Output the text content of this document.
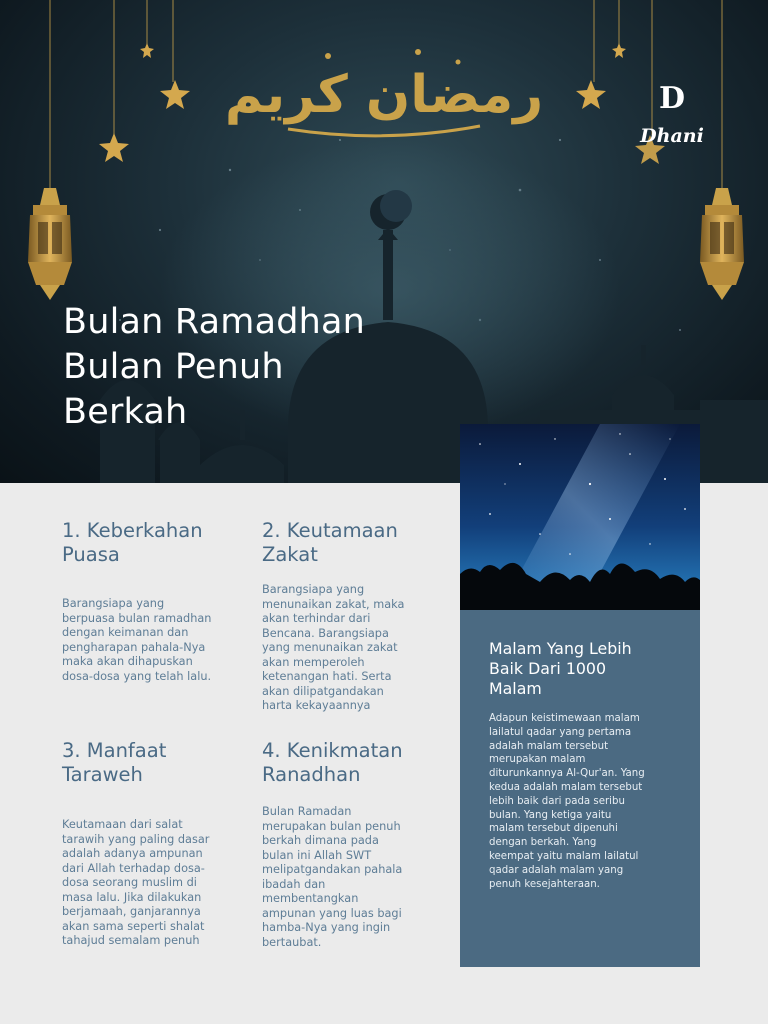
رمضان كريم	D
Dhani
Bulan Ramadhan
Bulan Penuh
Berkah
1. Keberkahan
Puasa

Barangsiapa yang
berpuasa bulan ramadhan
dengan keimanan dan
pengharapan pahala-Nya
maka akan dihapuskan
dosa-dosa yang telah lalu.

2. Keutamaan
Zakat

Barangsiapa yang
menunaikan zakat, maka
akan terhindar dari
Bencana. Barangsiapa
yang menunaikan zakat
akan memperoleh
ketenangan hati. Serta
akan dilipatgandakan
harta kekayaannya

3. Manfaat
Taraweh

Keutamaan dari salat
tarawih yang paling dasar
adalah adanya ampunan
dari Allah terhadap dosa-
dosa seorang muslim di
masa lalu. Jika dilakukan
berjamaah, ganjarannya
akan sama seperti shalat
tahajud semalam penuh

4. Kenikmatan
Ranadhan

Bulan Ramadan
merupakan bulan penuh
berkah dimana pada
bulan ini Allah SWT
melipatgandakan pahala
ibadah dan
membentangkan
ampunan yang luas bagi
hamba-Nya yang ingin
bertaubat.

Malam Yang Lebih
Baik Dari 1000
Malam

Adapun keistimewaan malam
lailatul qadar yang pertama
adalah malam tersebut
merupakan malam
diturunkannya Al-Qur'an. Yang
kedua adalah malam tersebut
lebih baik dari pada seribu
bulan. Yang ketiga yaitu
malam tersebut dipenuhi
dengan berkah. Yang
keempat yaitu malam lailatul
qadar adalah malam yang
penuh kesejahteraan.
